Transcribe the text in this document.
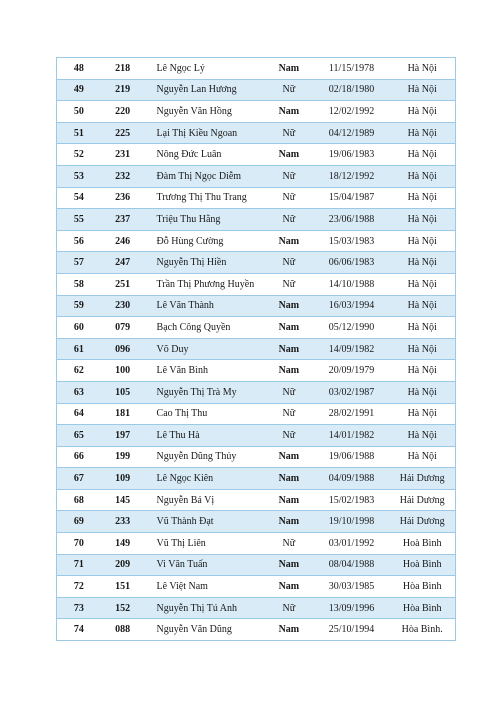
48	218	Lê Ngọc Lý	Nam	11/15/1978	Hà Nội
49	219	Nguyễn Lan Hương	Nữ	02/18/1980	Hà Nội
50	220	Nguyễn Văn Hồng	Nam	12/02/1992	Hà Nội
51	225	Lại Thị Kiều Ngoan	Nữ	04/12/1989	Hà Nội
52	231	Nông Đức Luân	Nam	19/06/1983	Hà Nội
53	232	Đàm Thị Ngọc Diễm	Nữ	18/12/1992	Hà Nội
54	236	Trương Thị Thu Trang	Nữ	15/04/1987	Hà Nội
55	237	Triệu Thu Hằng	Nữ	23/06/1988	Hà Nội
56	246	Đỗ Hùng Cường	Nam	15/03/1983	Hà Nội
57	247	Nguyễn Thị Hiền	Nữ	06/06/1983	Hà Nội
58	251	Trần Thị Phương Huyền	Nữ	14/10/1988	Hà Nội
59	230	Lê Văn Thành	Nam	16/03/1994	Hà Nội
60	079	Bạch Công Quyền	Nam	05/12/1990	Hà Nội
61	096	Võ Duy	Nam	14/09/1982	Hà Nội
62	100	Lê Văn Bình	Nam	20/09/1979	Hà Nội
63	105	Nguyễn Thị Trà My	Nữ	03/02/1987	Hà Nội
64	181	Cao Thị Thu	Nữ	28/02/1991	Hà Nội
65	197	Lê Thu Hà	Nữ	14/01/1982	Hà Nội
66	199	Nguyễn Dũng Thủy	Nam	19/06/1988	Hà Nội
67	109	Lê Ngọc Kiên	Nam	04/09/1988	Hải Dương
68	145	Nguyễn Bá Vị	Nam	15/02/1983	Hải Dương
69	233	Vũ Thành Đạt	Nam	19/10/1998	Hải Dương
70	149	Vũ Thị Liên	Nữ	03/01/1992	Hoà Bình
71	209	Vi Văn Tuấn	Nam	08/04/1988	Hoà Bình
72	151	Lê Việt Nam	Nam	30/03/1985	Hòa Bình
73	152	Nguyễn Thị Tú Anh	Nữ	13/09/1996	Hòa Bình
74	088	Nguyễn Văn Dũng	Nam	25/10/1994	Hòa Bình.
